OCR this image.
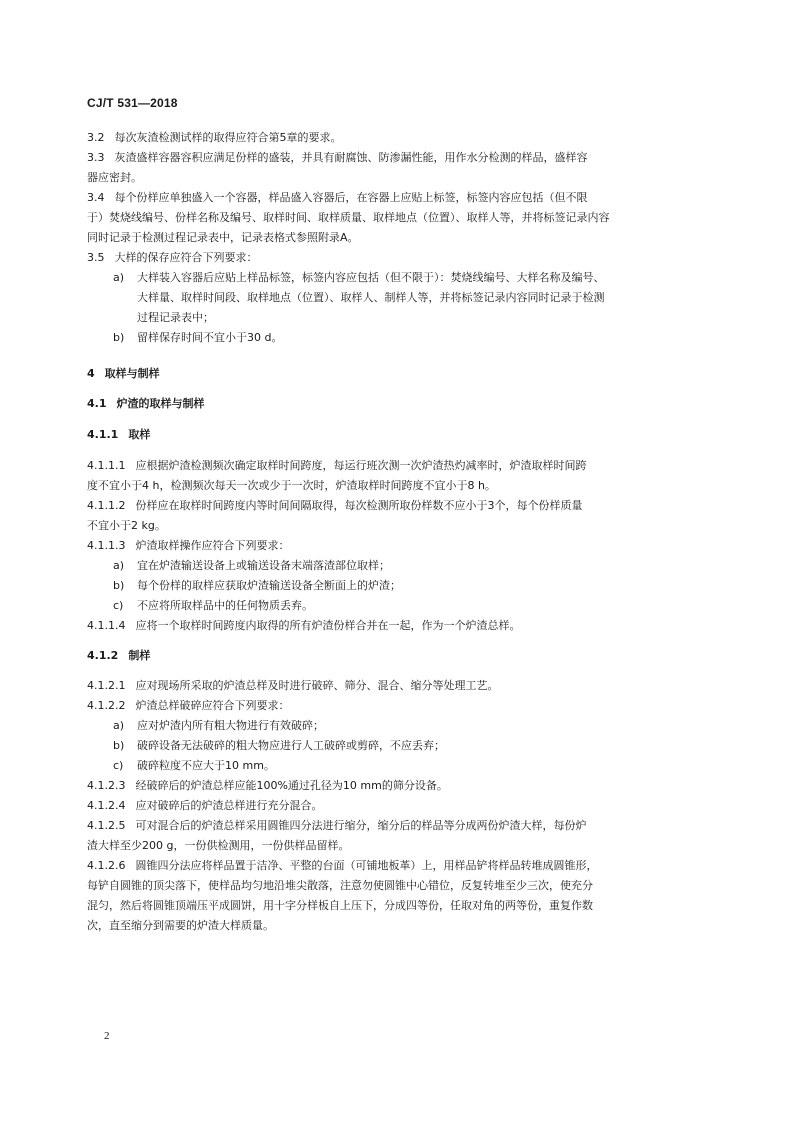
CJ/T 531—2018

3.2 每次灰渣检测试样的取得应符合第5章的要求。

3.3 灰渣盛样容器容积应满足份样的盛装，并具有耐腐蚀、防渗漏性能，用作水分检测的样品，盛样容
器应密封。

3.4 每个份样应单独盛入一个容器，样品盛入容器后，在容器上应贴上标签，标签内容应包括（但不限
于）焚烧线编号、份样名称及编号、取样时间、取样质量、取样地点（位置）、取样人等，并将标签记录内容
同时记录于检测过程记录表中，记录表格式参照附录A。

3.5 大样的保存应符合下列要求：

a) 大样装入容器后应贴上样品标签，标签内容应包括（但不限于）：焚烧线编号、大样名称及编号、

大样量、取样时间段、取样地点（位置）、取样人、制样人等，并将标签记录内容同时记录于检测
过程记录表中；

b) 留样保存时间不宜小于30 d。

4 取样与制样

4.1 炉渣的取样与制样

4.1.1 取样

4.1.1.1 应根据炉渣检测频次确定取样时间跨度，每运行班次测一次炉渣热灼减率时，炉渣取样时间跨
度不宜小于4 h，检测频次每天一次或少于一次时，炉渣取样时间跨度不宜小于8 h。

4.1.1.2 份样应在取样时间跨度内等时间间隔取得，每次检测所取份样数不应小于3个，每个份样质量
不宜小于2 kg。

4.1.1.3 炉渣取样操作应符合下列要求：

a) 宜在炉渣输送设备上或输送设备末端落渣部位取样；

b) 每个份样的取样应获取炉渣输送设备全断面上的炉渣；

c) 不应将所取样品中的任何物质丢弃。

4.1.1.4 应将一个取样时间跨度内取得的所有炉渣份样合并在一起，作为一个炉渣总样。

4.1.2 制样

4.1.2.1 应对现场所采取的炉渣总样及时进行破碎、筛分、混合、缩分等处理工艺。

4.1.2.2 炉渣总样破碎应符合下列要求：

a) 应对炉渣内所有粗大物进行有效破碎；

b) 破碎设备无法破碎的粗大物应进行人工破碎或剪碎，不应丢弃；

c) 破碎粒度不应大于10 mm。

4.1.2.3 经破碎后的炉渣总样应能100%通过孔径为10 mm的筛分设备。

4.1.2.4 应对破碎后的炉渣总样进行充分混合。

4.1.2.5 可对混合后的炉渣总样采用圆锥四分法进行缩分，缩分后的样品等分成两份炉渣大样，每份炉
渣大样至少200 g，一份供检测用，一份供样品留样。

4.1.2.6 圆锥四分法应将样品置于洁净、平整的台面（可铺地板革）上，用样品铲将样品转堆成圆锥形，
每铲自圆锥的顶尖落下，使样品均匀地沿堆尖散落，注意勿使圆锥中心错位，反复转堆至少三次，使充分
混匀，然后将圆锥顶端压平成圆饼，用十字分样板自上压下，分成四等份，任取对角的两等份，重复作数
次，直至缩分到需要的炉渣大样质量。

2
